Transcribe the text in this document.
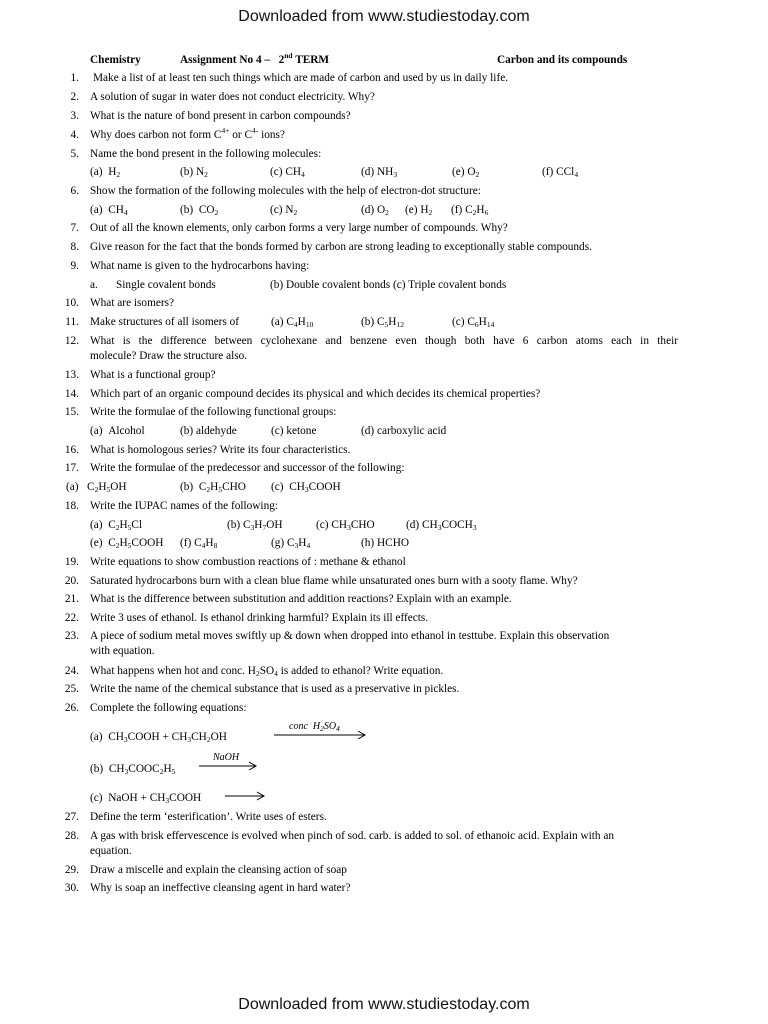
Downloaded from www.studiestoday.com
Chemistry	Assignment No 4 – 2nd TERM	Carbon and its compounds
1. Make a list of at least ten such things which are made of carbon and used by us in daily life.
2. A solution of sugar in water does not conduct electricity. Why?
3. What is the nature of bond present in carbon compounds?
4. Why does carbon not form $C^{4+}$ or $C^{4-}$ ions?
5. Name the bond present in the following molecules:
(a) $H_2$	(b) $N_2$	(c) $CH_4$	(d) $NH_3$	(e) $O_2$	(f) CCl$_4$
6. Show the formation of the following molecules with the help of electron-dot structure:
(a) $CH_4$	(b) $CO_2$	(c) $N_2$	(d) $O_2$ (e) $H_2$ (f) $C_2H_6$
7. Out of all the known elements, only carbon forms a very large number of compounds. Why?
8. Give reason for the fact that the bonds formed by carbon are strong leading to exceptionally stable compounds.
9. What name is given to the hydrocarbons having:
a. Single covalent bonds	(b) Double covalent bonds (c) Triple covalent bonds
10. What are isomers?
11. Make structures of all isomers of	(a) $C_4H_{10}$	(b) $C_5H_{12}$	(c) $C_6H_{14}$
12. What is the difference between cyclohexane and benzene even though both have 6 carbon atoms each in their
molecule? Draw the structure also.
13. What is a functional group?
14. Which part of an organic compound decides its physical and which decides its chemical properties?
15. Write the formulae of the following functional groups:
(a) Alcohol	(b) aldehyde	(c) ketone	(d) carboxylic acid
16. What is homologous series? Write its four characteristics.
17. Write the formulae of the predecessor and successor of the following:
(a) $C_2H_5OH$	(b) $C_2H_5CHO$ (c) $CH_3COOH$
18. Write the IUPAC names of the following:
(a) $C_2H_5Cl$	(b) $C_3H_7OH$	(c) $CH_3CHO$	(d) $CH_3COCH_3$
(e) $C_2H_5COOH$ (f) $C_4H_8$	(g) $C_3H_4$	(h) HCHO
19. Write equations to show combustion reactions of : methane & ethanol
20. Saturated hydrocarbons burn with a clean blue flame while unsaturated ones burn with a sooty flame. Why?
21. What is the difference between substitution and addition reactions? Explain with an example.
22. Write 3 uses of ethanol. Is ethanol drinking harmful? Explain its ill effects.
23. A piece of sodium metal moves swiftly up & down when dropped into ethanol in testtube. Explain this observation
with equation.
24. What happens when hot and conc. $H_2SO_4$ is added to ethanol? Write equation.
25. Write the name of the chemical substance that is used as a preservative in pickles.
26. Complete the following equations:
(a) $CH_3COOH + CH_3CH_2OH$
conc $H_2SO_4$
(b) $CH_3COOC_2H_5$
NaOH
(c) NaOH + $CH_3COOH$
27. Define the term ‘esterification’. Write uses of esters.
28. A gas with brisk effervescence is evolved when pinch of sod. carb. is added to sol. of ethanoic acid. Explain with an
equation.
29. Draw a miscelle and explain the cleansing action of soap
30. Why is soap an ineffective cleansing agent in hard water?
Downloaded from www.studiestoday.com
